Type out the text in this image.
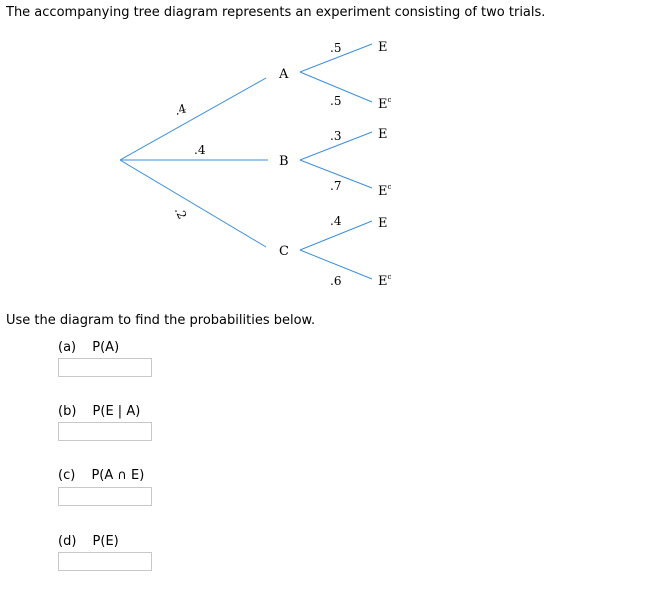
The accompanying tree diagram represents an experiment consisting of two trials.
A
B
C
.4
.4
.2
.5
.5
.3
.7
.4
.6
E
$E^c$
E
$E^c$
E
$E^c$
Use the diagram to find the probabilities below.
(a) P(A)
(b) P(E | A)
(c) P(A ∩ E)
(d) P(E)
